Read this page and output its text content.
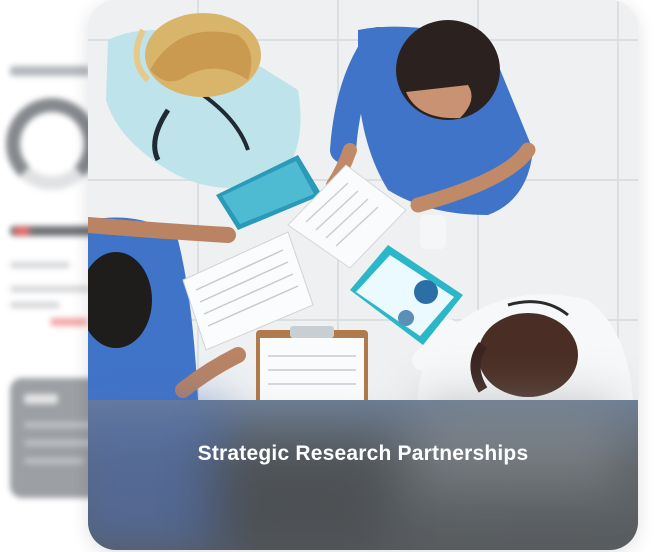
Strategic Research Partnerships
